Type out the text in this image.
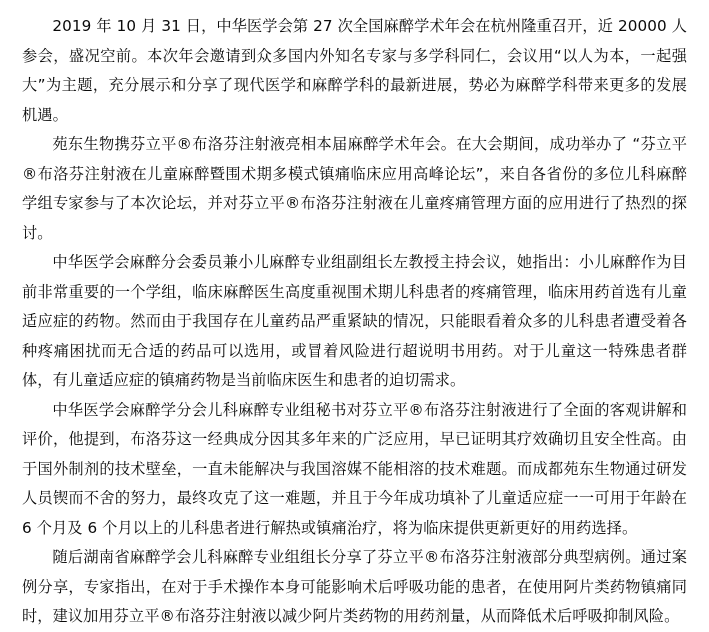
2019 年 10 月 31 日，中华医学会第 27 次全国麻醉学术年会在杭州隆重召开，近 20000 人参会，盛况空前。本次年会邀请到众多国内外知名专家与多学科同仁，会议用“以人为本，一起强大”为主题，充分展示和分享了现代医学和麻醉学科的最新进展，势必为麻醉学科带来更多的发展机遇。

苑东生物携芬立平®布洛芬注射液亮相本届麻醉学术年会。在大会期间，成功举办了 “芬立平®布洛芬注射液在儿童麻醉暨围术期多模式镇痛临床应用高峰论坛”，来自各省份的多位儿科麻醉学组专家参与了本次论坛，并对芬立平®布洛芬注射液在儿童疼痛管理方面的应用进行了热烈的探讨。

中华医学会麻醉分会委员兼小儿麻醉专业组副组长左教授主持会议，她指出：小儿麻醉作为目前非常重要的一个学组，临床麻醉医生高度重视围术期儿科患者的疼痛管理，临床用药首选有儿童适应症的药物。然而由于我国存在儿童药品严重紧缺的情况，只能眼看着众多的儿科患者遭受着各种疼痛困扰而无合适的药品可以选用，或冒着风险进行超说明书用药。对于儿童这一特殊患者群体，有儿童适应症的镇痛药物是当前临床医生和患者的迫切需求。

中华医学会麻醉学分会儿科麻醉专业组秘书对芬立平®布洛芬注射液进行了全面的客观讲解和评价，他提到，布洛芬这一经典成分因其多年来的广泛应用，早已证明其疗效确切且安全性高。由于国外制剂的技术壁垒，一直未能解决与我国溶媒不能相溶的技术难题。而成都苑东生物通过研发人员锲而不舍的努力，最终攻克了这一难题，并且于今年成功填补了儿童适应症一一可用于年龄在 6 个月及 6 个月以上的儿科患者进行解热或镇痛治疗，将为临床提供更新更好的用药选择。

随后湖南省麻醉学会儿科麻醉专业组组长分享了芬立平®布洛芬注射液部分典型病例。通过案例分享，专家指出，在对于手术操作本身可能影响术后呼吸功能的患者，在使用阿片类药物镇痛同时，建议加用芬立平®布洛芬注射液以减少阿片类药物的用药剂量，从而降低术后呼吸抑制风险。
